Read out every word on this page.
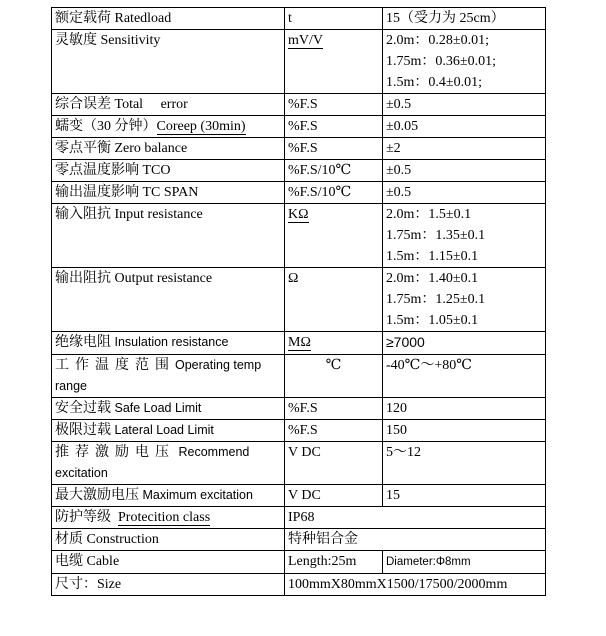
额定载荷 Ratedload	t	15（受力为 25cm）
灵敏度 Sensitivity	mV/V	2.0m：0.28±0.01;
1.75m：0.36±0.01;
1.5m：0.4±0.01;

综合误差 Total　 error	%F.S	±0.5
蠕变（30 分钟）Coreep (30min)	%F.S	±0.05
零点平衡 Zero balance	%F.S	±2
零点温度影响 TCO	%F.S/10℃	±0.5
输出温度影响 TC SPAN	%F.S/10℃	±0.5
输入阻抗 Input resistance	KΩ	2.0m：1.5±0.1
1.75m：1.35±0.1
1.5m：1.15±0.1

输出阻抗 Output resistance	Ω	2.0m：1.40±0.1
1.75m：1.25±0.1
1.5m：1.05±0.1

绝缘电阻 Insulation resistance	MΩ	≥7000
工作温度范围Operating temp range	℃	-40℃～+80℃
安全过载 Safe Load Limit	%F.S	120
极限过载 Lateral Load Limit	%F.S	150
推荐激励电压 Recommend excitation	V DC	5～12
最大激励电压 Maximum excitation	V DC	15
防护等级 Protecition class	IP68	
材质 Construction	特种铝合金	
电缆 Cable	Length:25m	Diameter:Φ8mm
尺寸：Size	100mmX80mmX1500/17500/2000mm	
